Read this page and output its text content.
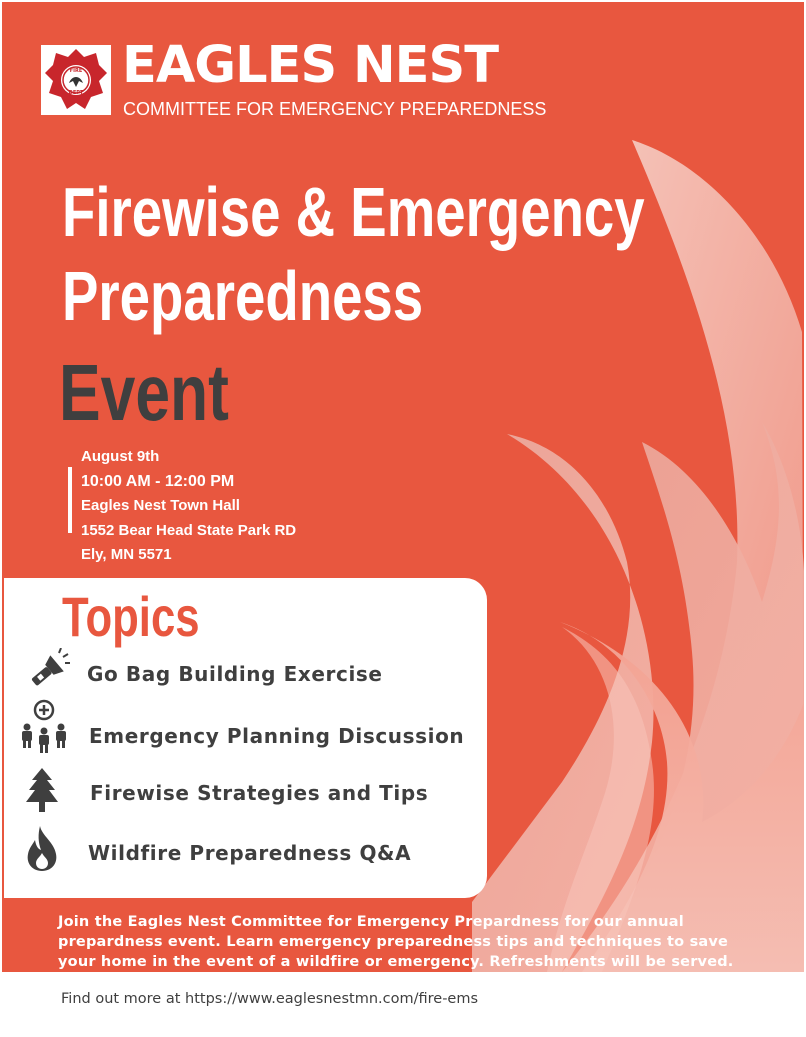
FIRE
DEPT EAGLES NEST
COMMITTEE FOR EMERGENCY PREPAREDNESS
Firewise & Emergency
Preparedness
Event
August 9th
10:00 AM - 12:00 PM
Eagles Nest Town Hall
1552 Bear Head State Park RD
Ely, MN 5571
Topics
Go Bag Building Exercise
Emergency Planning Discussion
Firewise Strategies and Tips
Wildfire Preparedness Q&A

Join the Eagles Nest Committee for Emergency Prepardness for our annual

prepardness event. Learn emergency preparedness tips and techniques to save

your home in the event of a wildfire or emergency. Refreshments will be served.

Find out more at https://www.eaglesnestmn.com/fire-ems
